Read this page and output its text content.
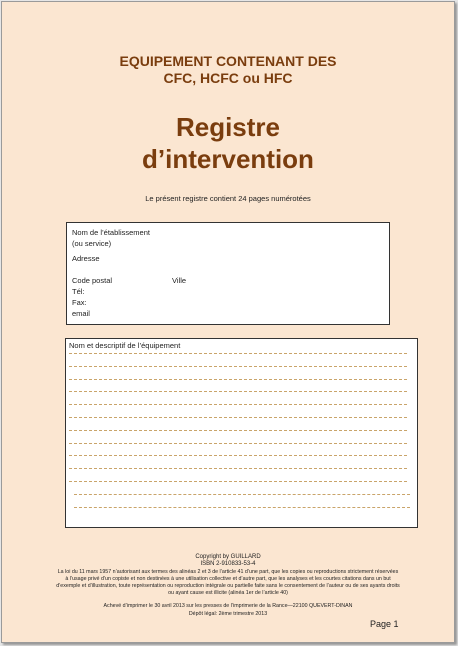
EQUIPEMENT CONTENANT DES
CFC, HCFC ou HFC
Registre
d’intervention
Le présent registre contient 24 pages numérotées
Nom de l’établissement
(ou service)
Adresse
Code postal	Ville
Tél:
Fax:
email
Nom et descriptif de l’équipement
Copyright by GUILLARD
ISBN 2-910833-53-4
La loi du 11 mars 1957 n’autorisant aux termes des alinéas 2 et 3 de l’article 41 d’une part, que les copies ou reproductions strictement réservées
à l’usage privé d’un copiste et non destinées à une utilisation collective et d’autre part, que les analyses et les courtes citations dans un but
d’exemple et d’illustration, toute représentation ou reproduction intégrale ou partielle faite sans le consentement de l’auteur ou de ses ayants droits
ou ayant cause est illicite (alinéa 1er de l’article 40)
Achevé d’imprimer le 30 avril 2013 sur les presses de l’imprimerie de la Rance—22100 QUEVERT-DINAN
Dépôt légal: 2ème trimestre 2013
Page 1
